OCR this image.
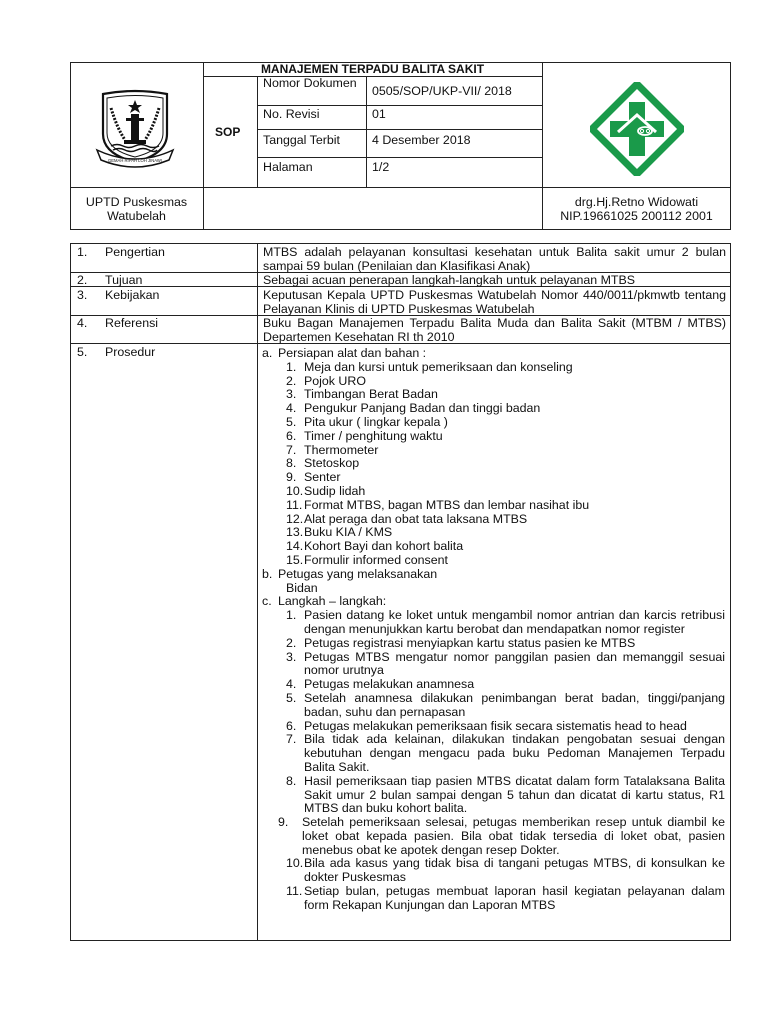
MANAJEMEN TERPADU BALITA SAKIT
SOP
Nomor Dokumen
0505/SOP/UKP-VII/ 2018
No. Revisi	01
Tanggal Terbit	4 Desember 2018
Halaman	1/2
UPTD Puskesmas
Watubelah
drg.Hj.Retno Widowati
NIP.19661025 200112 2001
GEMAH RIPAH LOH JINAWI
1. Pengertian	MTBS adalah pelayanan konsultasi kesehatan untuk Balita sakit umur 2 bulan sampai 59 bulan (Penilaian dan Klasifikasi Anak)
2. Tujuan	Sebagai acuan penerapan langkah-langkah untuk pelayanan MTBS
3. Kebijakan	Keputusan Kepala UPTD Puskesmas Watubelah Nomor 440/0011/pkmwtb tentang Pelayanan Klinis di UPTD Puskesmas Watubelah
4. Referensi	Buku Bagan Manajemen Terpadu Balita Muda dan Balita Sakit (MTBM / MTBS) Departemen Kesehatan RI th 2010
5. Prosedur	a. Persiapan alat dan bahan :
1. Meja dan kursi untuk pemeriksaan dan konseling
2. Pojok URO
3. Timbangan Berat Badan
4. Pengukur Panjang Badan dan tinggi badan
5. Pita ukur ( lingkar kepala )
6. Timer / penghitung waktu
7. Thermometer
8. Stetoskop
9. Senter
10. Sudip lidah
11. Format MTBS, bagan MTBS dan lembar nasihat ibu
12. Alat peraga dan obat tata laksana MTBS
13. Buku KIA / KMS
14. Kohort Bayi dan kohort balita
15. Formulir informed consent
b. Petugas yang melaksanakan
Bidan
c. Langkah – langkah:
1. Pasien datang ke loket untuk mengambil nomor antrian dan karcis retribusi dengan menunjukkan kartu berobat dan mendapatkan nomor register
2. Petugas registrasi menyiapkan kartu status pasien ke MTBS
3. Petugas MTBS mengatur nomor panggilan pasien dan memanggil sesuai nomor urutnya
4. Petugas melakukan anamnesa
5. Setelah anamnesa dilakukan penimbangan berat badan, tinggi/panjang badan, suhu dan pernapasan
6. Petugas melakukan pemeriksaan fisik secara sistematis head to head
7. Bila tidak ada kelainan, dilakukan tindakan pengobatan sesuai dengan kebutuhan dengan mengacu pada buku Pedoman Manajemen Terpadu Balita Sakit.
8. Hasil pemeriksaan tiap pasien MTBS dicatat dalam form Tatalaksana Balita Sakit umur 2 bulan sampai dengan 5 tahun dan dicatat di kartu status, R1 MTBS dan buku kohort balita.
9.	Setelah pemeriksaan selesai, petugas memberikan resep untuk diambil ke loket obat kepada pasien. Bila obat tidak tersedia di loket obat, pasien menebus obat ke apotek dengan resep Dokter.
10. Bila ada kasus yang tidak bisa di tangani petugas MTBS, di konsulkan ke dokter Puskesmas
11. Setiap bulan, petugas membuat laporan hasil kegiatan pelayanan dalam form Rekapan Kunjungan dan Laporan MTBS
